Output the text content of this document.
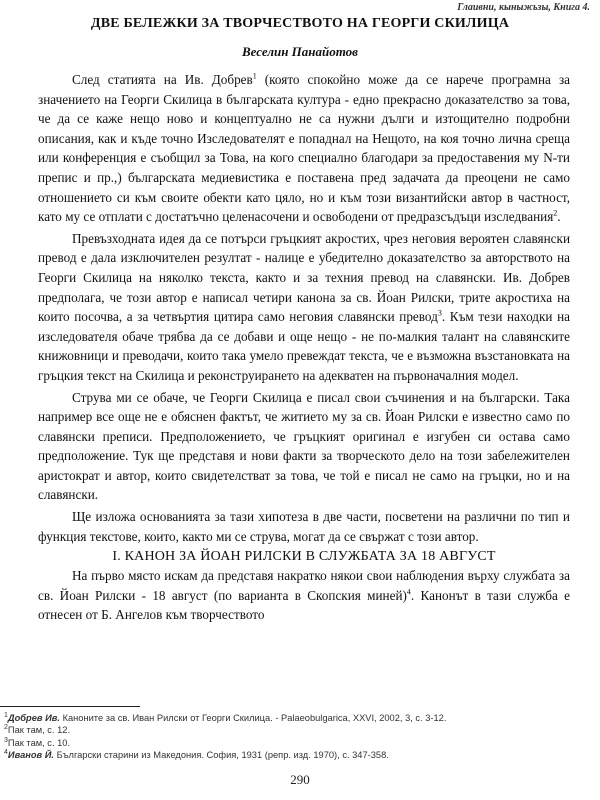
Глаивни, кыныжьзы, Книга 4.
ДВЕ БЕЛЕЖКИ ЗА ТВОРЧЕСТВОТО НА ГЕОРГИ СКИЛИЦА
Веселин Панайотов

След статията на Ив. Добрев$^1$ (която спокойно може да се нарече програмна за значението на Георги Скилица в българската култура - едно прекрасно доказателство за това, че да се каже нещо ново и концептуално не са нужни дълги и изтощително подробни описания, как и къде точно Изследователят е попаднал на Нещото, на коя точно лична среща или конференция е съобщил за Това, на кого специално благодари за предоставения му N-ти препис и пр.,) българската медиевистика е поставена пред задачата да преоцени не само отношението си към своите обекти като цяло, но и към този византийски автор в частност, като му се отплати с достатъчно целенасочени и освободени от предразсъдъци изследвания$^2$.

Превъзходната идея да се потърси гръцкият акростих, чрез неговия вероятен славянски превод е дала изключителен резултат - налице е убедително доказателство за авторството на Георги Скилица на няколко текста, както и за техния превод на славянски. Ив. Добрев предполага, че този автор е написал четири канона за св. Йоан Рилски, трите акростиха на които посочва, а за четвъртия цитира само неговия славянски превод$^3$. Към тези находки на изследователя обаче трябва да се добави и още нещо - не по-малкия талант на славянските книжовници и преводачи, които така умело превеждат текста, че е възможна възстановката на гръцкия текст на Скилица и реконструирането на адекватен на първоначалния модел.

Струва ми се обаче, че Георги Скилица е писал свои съчинения и на български. Така например все още не е обяснен фактът, че житието му за св. Йоан Рилски е известно само по славянски преписи. Предположението, че гръцкият оригинал е изгубен си остава само предположение. Тук ще представя и нови факти за творческото дело на този забележителен аристократ и автор, които свидетелстват за това, че той е писал не само на гръцки, но и на славянски.

Ще изложа основанията за тази хипотеза в две части, посветени на различни по тип и функция текстове, които, както ми се струва, могат да се свържат с този автор.

I. КАНОН ЗА ЙОАН РИЛСКИ В СЛУЖБАТА ЗА 18 АВГУСТ

На първо място искам да представя накратко някои свои наблюдения върху службата за св. Йоан Рилски - 18 август (по варианта в Скопския миней)$^4$. Канонът в тази служба е отнесен от Б. Ангелов към творчеството

$^1$Добрев Ив. Каноните за св. Иван Рилски от Георги Скилица. - Palaeobulgarica, XXVI, 2002, 3, с. 3-12.
$^2$Пак там, с. 12.
$^3$Пак там, с. 10.
$^4$Иванов Й. Български старини из Македония. София, 1931 (репр. изд. 1970), с. 347-358.
290
